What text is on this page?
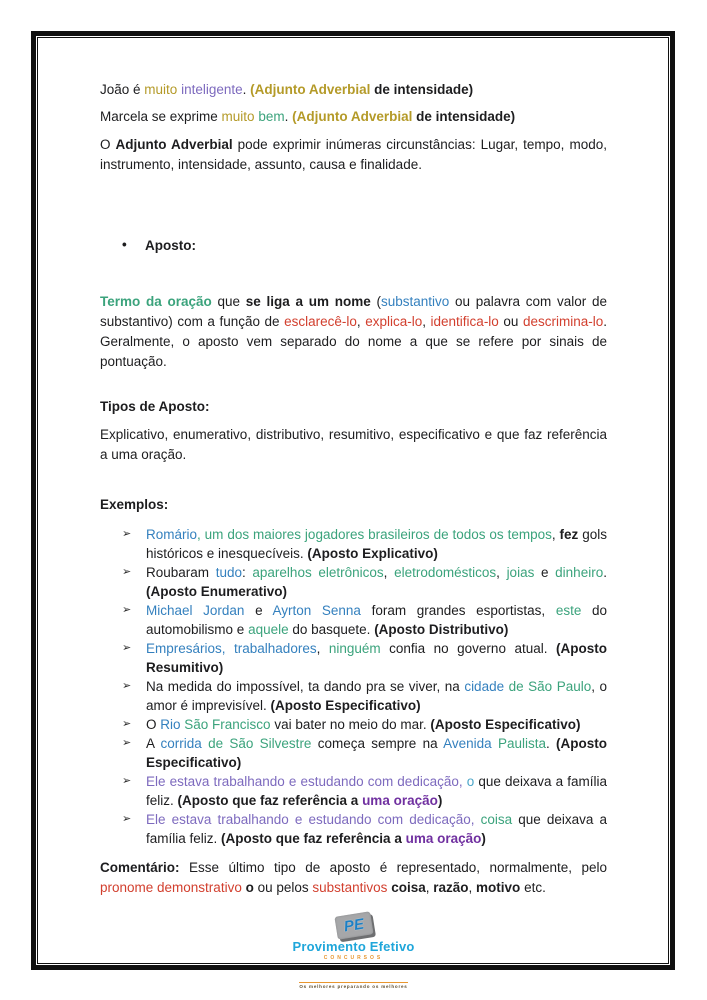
João é muito inteligente. (Adjunto Adverbial de intensidade)

Marcela se exprime muito bem. (Adjunto Adverbial de intensidade)

O Adjunto Adverbial pode exprimir inúmeras circunstâncias: Lugar, tempo, modo, instrumento, intensidade, assunto, causa e finalidade.

• Aposto:

Termo da oração que se liga a um nome (substantivo ou palavra com valor de substantivo) com a função de esclarecê-lo, explica-lo, identifica-lo ou descrimina-lo. Geralmente, o aposto vem separado do nome a que se refere por sinais de pontuação.

Tipos de Aposto:

Explicativo, enumerativo, distributivo, resumitivo, especificativo e que faz referência a uma oração.

Exemplos:
➢ Romário, um dos maiores jogadores brasileiros de todos os tempos, fez gols históricos e inesquecíveis. (Aposto Explicativo)
➢ Roubaram tudo: aparelhos eletrônicos, eletrodomésticos, joias e dinheiro. (Aposto Enumerativo)
➢ Michael Jordan e Ayrton Senna foram grandes esportistas, este do automobilismo e aquele do basquete. (Aposto Distributivo)
➢ Empresários, trabalhadores, ninguém confia no governo atual. (Aposto Resumitivo)
➢ Na medida do impossível, ta dando pra se viver, na cidade de São Paulo, o amor é imprevisível. (Aposto Especificativo)
➢ O Rio São Francisco vai bater no meio do mar. (Aposto Especificativo)
➢ A corrida de São Silvestre começa sempre na Avenida Paulista. (Aposto Especificativo)
➢ Ele estava trabalhando e estudando com dedicação, o que deixava a família feliz. (Aposto que faz referência a uma oração)
➢ Ele estava trabalhando e estudando com dedicação, coisa que deixava a família feliz. (Aposto que faz referência a uma oração)

Comentário: Esse último tipo de aposto é representado, normalmente, pelo pronome demonstrativo o ou pelos substantivos coisa, razão, motivo etc.

PE
Provimento Efetivo
CONCURSOS

Os melhores preparando os melhores
